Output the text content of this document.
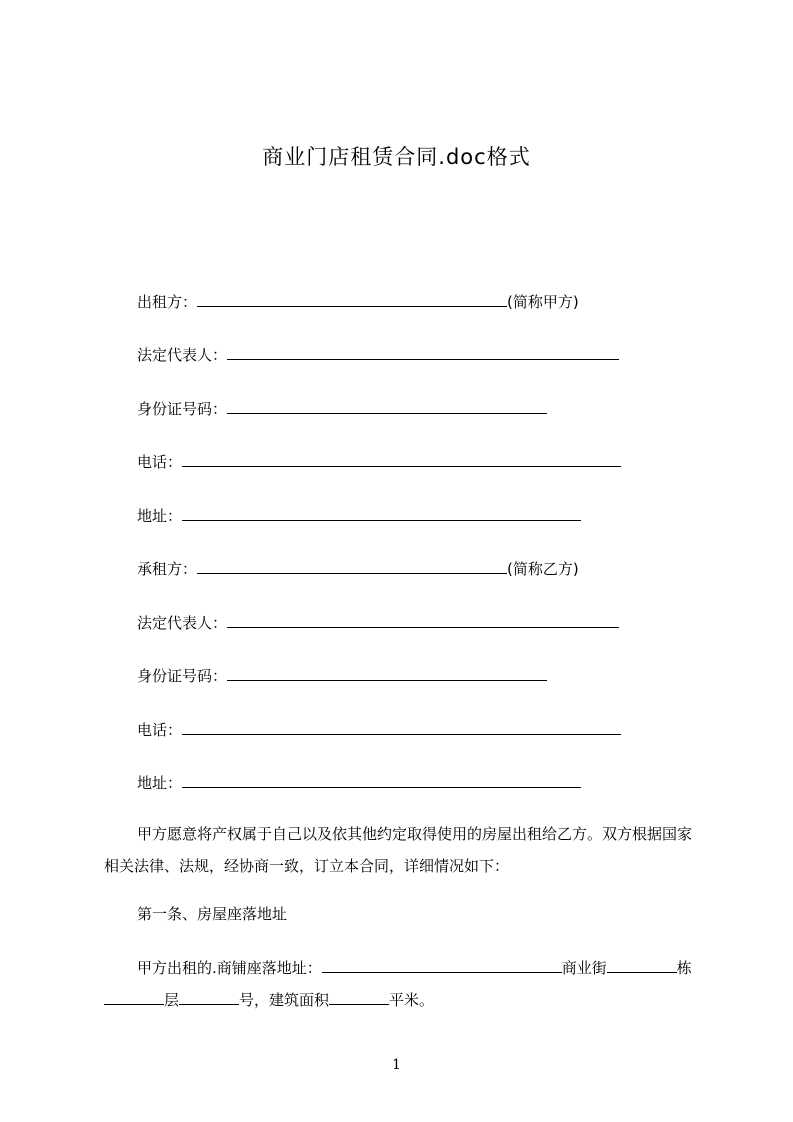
商业门店租赁合同.doc格式
出租方：	(简称甲方)
法定代表人：
身份证号码：
电话：
地址：
承租方：	(简称乙方)
法定代表人：
身份证号码：
电话：
地址：
甲方愿意将产权属于自己以及依其他约定取得使用的房屋出租给乙方。双方根据国家相关法律、法规，经协商一致，订立本合同，详细情况如下：
第一条、房屋座落地址
甲方出租的.商铺座落地址：	商业街	栋层	号，建筑面积	平米。
1
